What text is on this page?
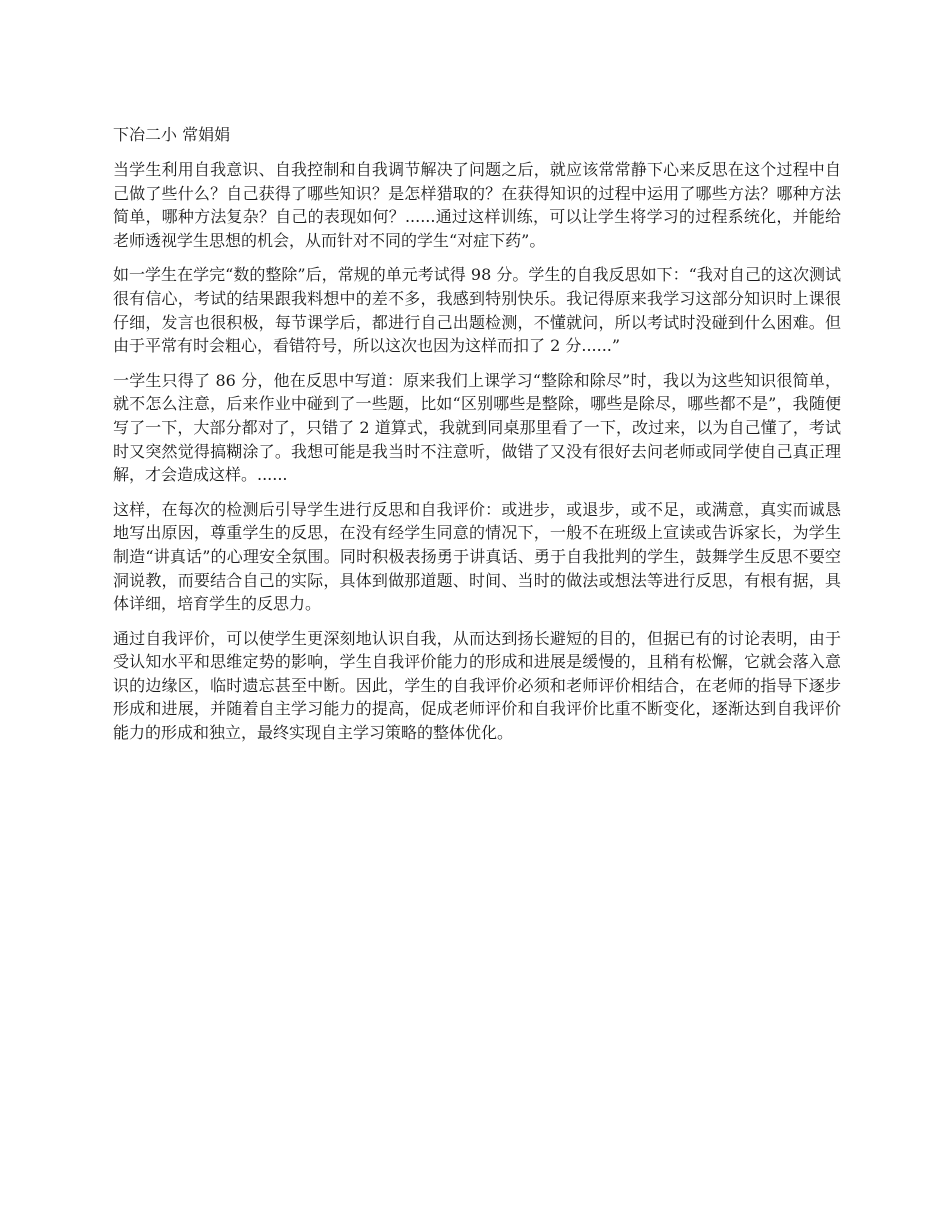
下冶二小 常娟娟

当学生利用自我意识、自我控制和自我调节解决了问题之后，就应该常常静下心来反思在这个过程中自己做了些什么？自己获得了哪些知识？是怎样猎取的？在获得知识的过程中运用了哪些方法？哪种方法简单，哪种方法复杂？自己的表现如何？......通过这样训练，可以让学生将学习的过程系统化，并能给老师透视学生思想的机会，从而针对不同的学生“对症下药”。

如一学生在学完“数的整除”后，常规的单元考试得 98 分。学生的自我反思如下：“我对自己的这次测试很有信心，考试的结果跟我料想中的差不多，我感到特别快乐。我记得原来我学习这部分知识时上课很仔细，发言也很积极，每节课学后，都进行自己出题检测，不懂就问，所以考试时没碰到什么困难。但由于平常有时会粗心，看错符号，所以这次也因为这样而扣了 2 分......”

一学生只得了 86 分，他在反思中写道：原来我们上课学习“整除和除尽”时，我以为这些知识很简单，就不怎么注意，后来作业中碰到了一些题，比如“区别哪些是整除，哪些是除尽，哪些都不是”，我随便写了一下，大部分都对了，只错了 2 道算式，我就到同桌那里看了一下，改过来，以为自己懂了，考试时又突然觉得搞糊涂了。我想可能是我当时不注意听，做错了又没有很好去问老师或同学使自己真正理解，才会造成这样。......

这样，在每次的检测后引导学生进行反思和自我评价：或进步，或退步，或不足，或满意，真实而诚恳地写出原因，尊重学生的反思，在没有经学生同意的情况下，一般不在班级上宣读或告诉家长，为学生制造“讲真话”的心理安全氛围。同时积极表扬勇于讲真话、勇于自我批判的学生，鼓舞学生反思不要空洞说教，而要结合自己的实际，具体到做那道题、时间、当时的做法或想法等进行反思，有根有据，具体详细，培育学生的反思力。

通过自我评价，可以使学生更深刻地认识自我，从而达到扬长避短的目的，但据已有的讨论表明，由于受认知水平和思维定势的影响，学生自我评价能力的形成和进展是缓慢的，且稍有松懈，它就会落入意识的边缘区，临时遗忘甚至中断。因此，学生的自我评价必须和老师评价相结合，在老师的指导下逐步形成和进展，并随着自主学习能力的提高，促成老师评价和自我评价比重不断变化，逐渐达到自我评价能力的形成和独立，最终实现自主学习策略的整体优化。
